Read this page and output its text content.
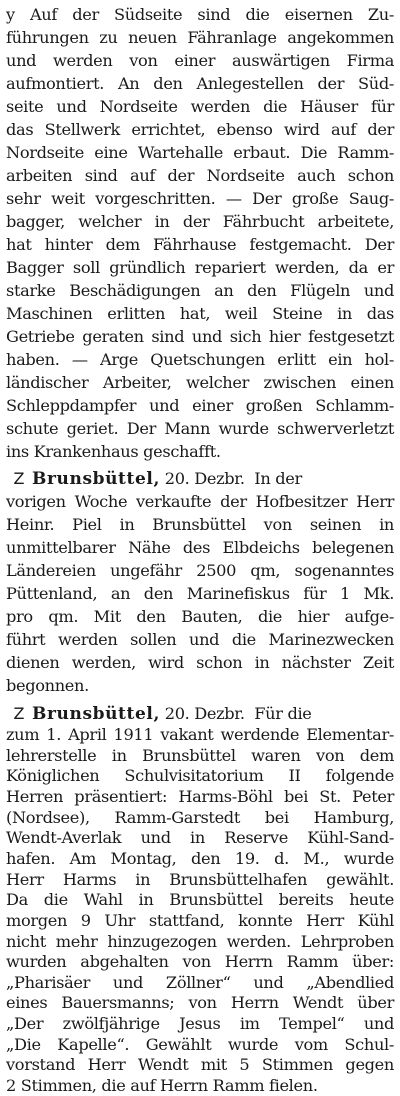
y Auf der Südseite sind die eisernen Zu-
führungen zu neuen Fähranlage angekommen
und werden von einer auswärtigen Firma
aufmontiert. An den Anlegestellen der Süd-
seite und Nordseite werden die Häuser für
das Stellwerk errichtet, ebenso wird auf der
Nordseite eine Wartehalle erbaut. Die Ramm-
arbeiten sind auf der Nordseite auch schon
sehr weit vorgeschritten. — Der große Saug-
bagger, welcher in der Fährbucht arbeitete,
hat hinter dem Fährhause festgemacht. Der
Bagger soll gründlich repariert werden, da er
starke Beschädigungen an den Flügeln und
Maschinen erlitten hat, weil Steine in das
Getriebe geraten sind und sich hier festgesetzt
haben. — Arge Quetschungen erlitt ein hol-
ländischer Arbeiter, welcher zwischen einen
Schleppdampfer und einer großen Schlamm-
schute geriet. Der Mann wurde schwerverletzt
ins Krankenhaus geschafft.
Z Brunsbüttel, 20. Dezbr.  In der
vorigen Woche verkaufte der Hofbesitzer Herr
Heinr. Piel in Brunsbüttel von seinen in
unmittelbarer Nähe des Elbdeichs belegenen
Ländereien ungefähr 2500 qm, sogenanntes
Püttenland, an den Marinefiskus für 1 Mk.
pro qm. Mit den Bauten, die hier aufge-
führt werden sollen und die Marinezwecken
dienen werden, wird schon in nächster Zeit
begonnen.
Z Brunsbüttel, 20. Dezbr.  Für die
zum 1. April 1911 vakant werdende Elementar-
lehrerstelle in Brunsbüttel waren von dem
Königlichen Schulvisitatorium II folgende
Herren präsentiert: Harms-Böhl bei St. Peter
(Nordsee), Ramm-Garstedt bei Hamburg,
Wendt-Averlak und in Reserve Kühl-Sand-
hafen. Am Montag, den 19. d. M., wurde
Herr Harms in Brunsbüttelhafen gewählt.
Da die Wahl in Brunsbüttel bereits heute
morgen 9 Uhr stattfand, konnte Herr Kühl
nicht mehr hinzugezogen werden. Lehrproben
wurden abgehalten von Herrn Ramm über:
„Pharisäer und Zöllner“ und „Abendlied
eines Bauersmanns; von Herrn Wendt über
„Der zwölfjährige Jesus im Tempel“ und
„Die Kapelle“. Gewählt wurde vom Schul-
vorstand Herr Wendt mit 5 Stimmen gegen
2 Stimmen, die auf Herrn Ramm fielen.
